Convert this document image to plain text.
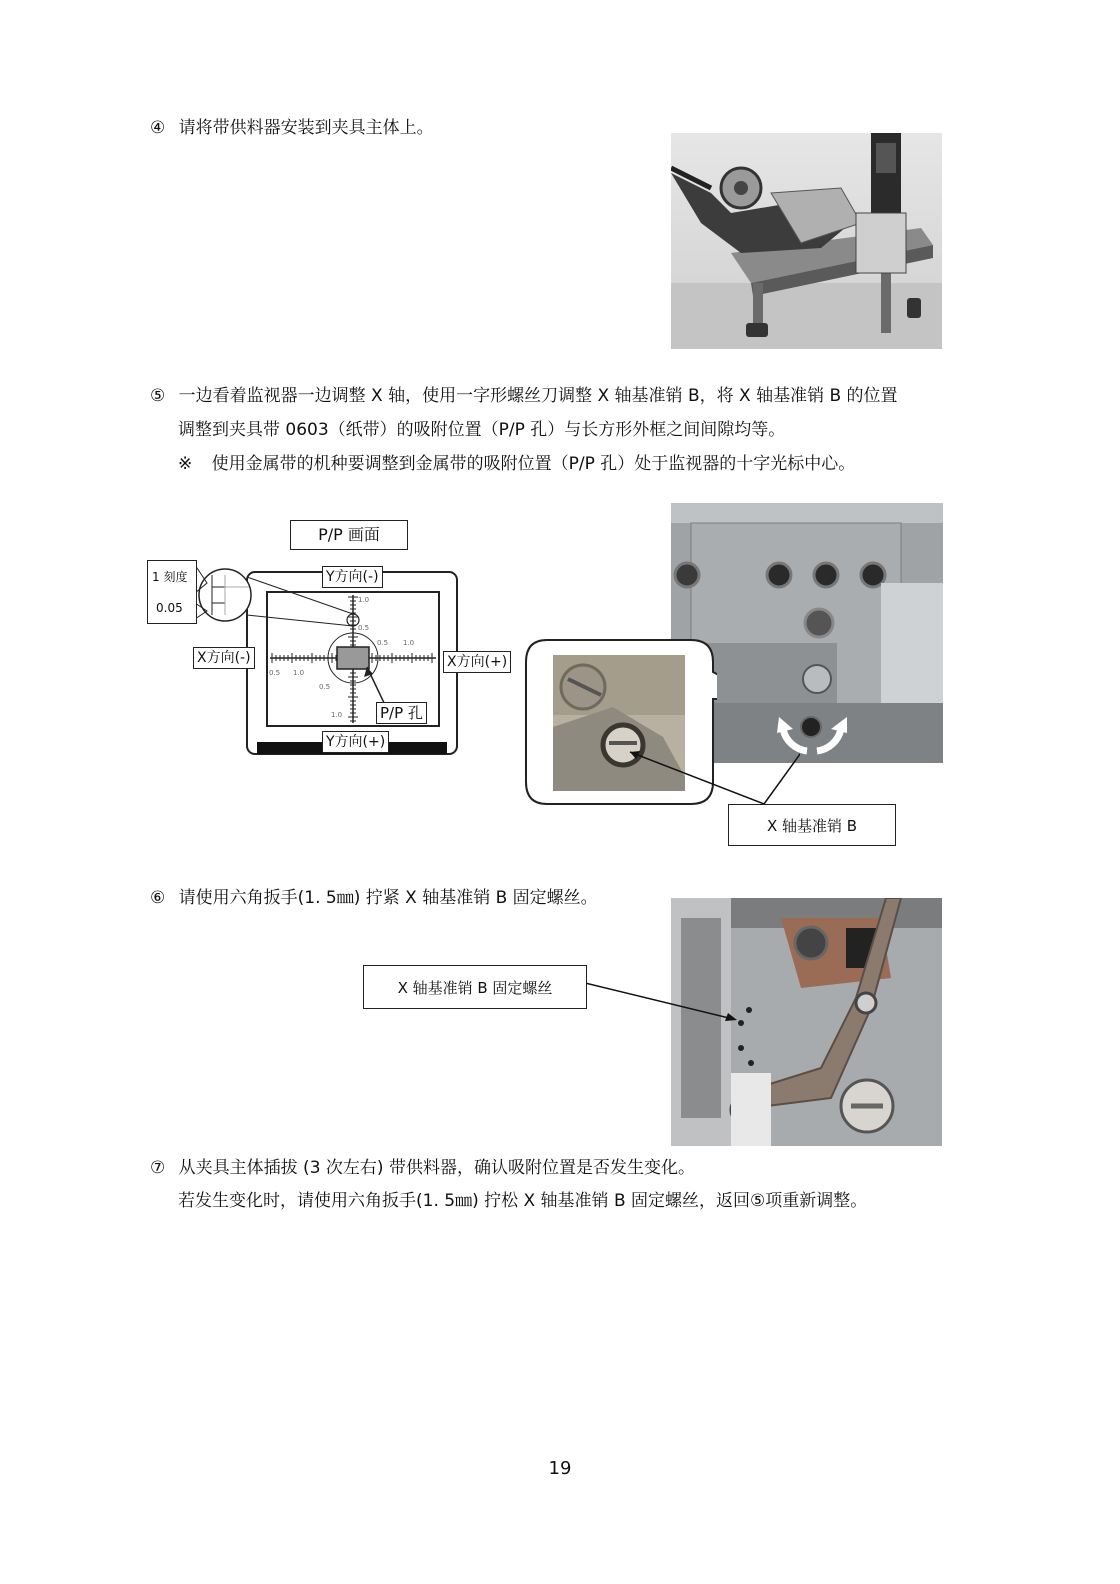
④ 请将带供料器安装到夹具主体上。
⑤ 一边看着监视器一边调整 X 轴，使用一字形螺丝刀调整 X 轴基准销 B，将 X 轴基准销 B 的位置
调整到夹具带 0603（纸带）的吸附位置（P/P 孔）与长方形外框之间间隙均等。
※ 使用金属带的机种要调整到金属带的吸附位置（P/P 孔）处于监视器的十字光标中心。
P/P 画面
1 刻度
0.05
Y方向(-)
Y方向(+)
X方向(-)	X方向(+)
P/P 孔
1.0
0.5
0.5
1.0
1.0
0.5
0.5 1.0
X 轴基准销 B
⑥ 请使用六角扳手(1. 5㎜) 拧紧 X 轴基准销 B 固定螺丝。
X 轴基准销 B 固定螺丝
⑦ 从夹具主体插拔 (3 次左右) 带供料器，确认吸附位置是否发生变化。
若发生变化时，请使用六角扳手(1. 5㎜) 拧松 X 轴基准销 B 固定螺丝，返回⑤项重新调整。
19
